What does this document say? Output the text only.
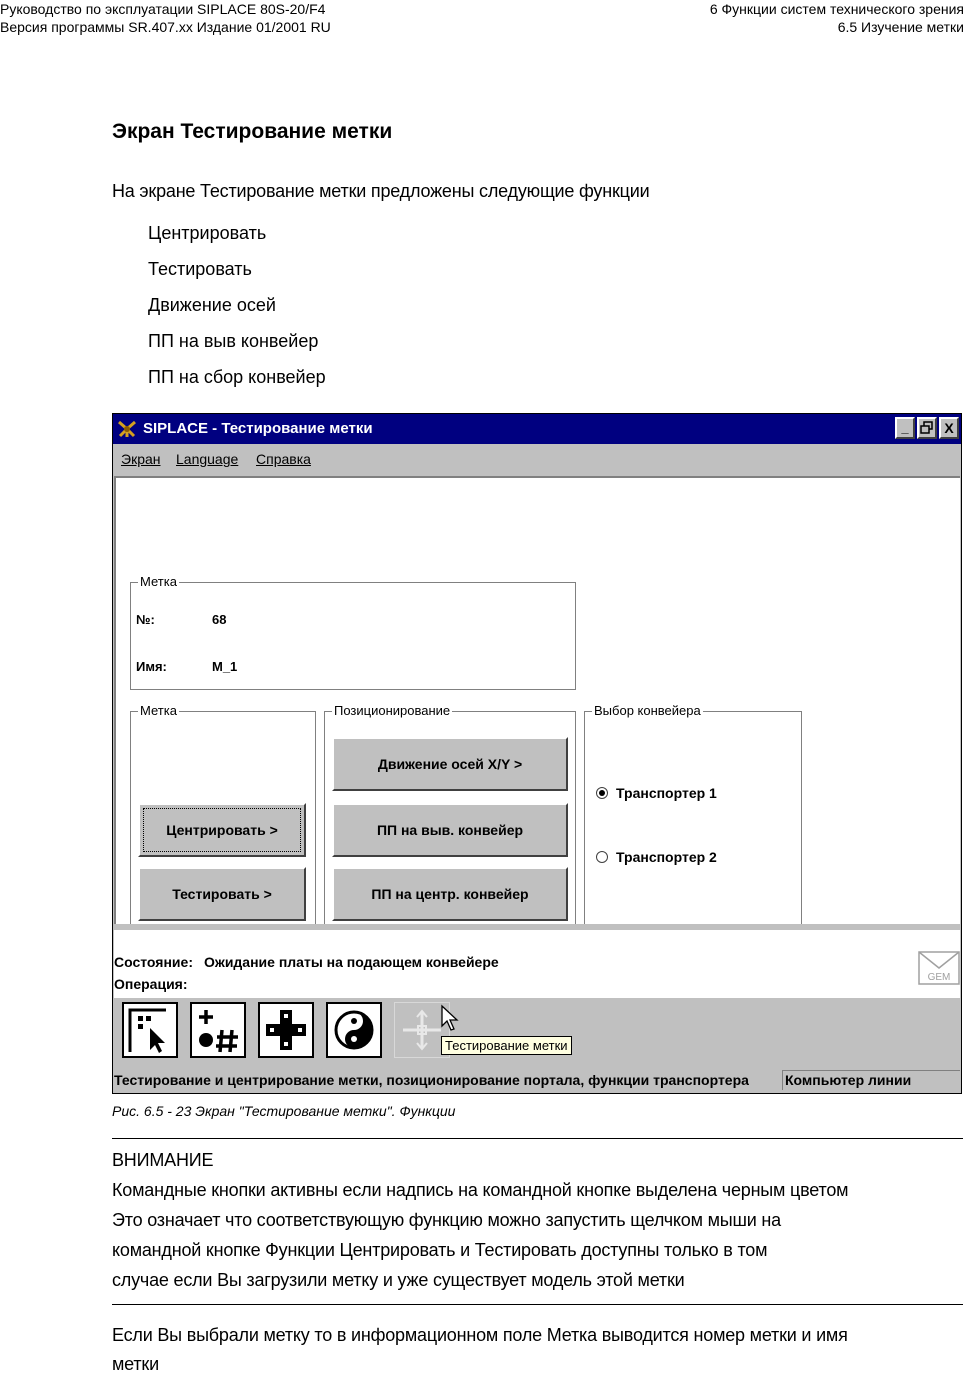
Руководство по эксплуатации SIPLACE 80S-20/F4
Версия программы SR.407.xx Издание 01/2001 RU
6 Функции систем технического зрения
6.5 Изучение метки
Экран Тестирование метки
На экране Тестирование метки предложены следующие функции
Центрировать
Тестировать
Движение осей
ПП на выв конвейер
ПП на сбор конвейер
SIPLACE - Тестирование метки	_	X
Экран Language Справка
Метка
№:	68
Имя:	M_1
Метка
Центрировать >
Тестировать >
Позиционирование
Движение осей X/Y >
ПП на выв. конвейер
ПП на центр. конвейер
Выбор конвейера
Транспортер 1
Транспортер 2
Состояние: Ожидание платы на подающем конвейере
Операция:	GEM
Тестирование метки
Тестирование и центрирование метки, позиционирование портала, функции транспортера	Компьютер линии
Рис. 6.5 - 23 Экран "Тестирование метки". Функции
ВНИМАНИЕ
Командные кнопки активны если надпись на командной кнопке выделена черным цветом
Это означает что соответствующую функцию можно запустить щелчком мыши на
командной кнопке Функции Центрировать и Тестировать доступны только в том
случае если Вы загрузили метку и уже существует модель этой метки
Если Вы выбрали метку то в информационном поле Метка выводится номер метки и имя
метки
